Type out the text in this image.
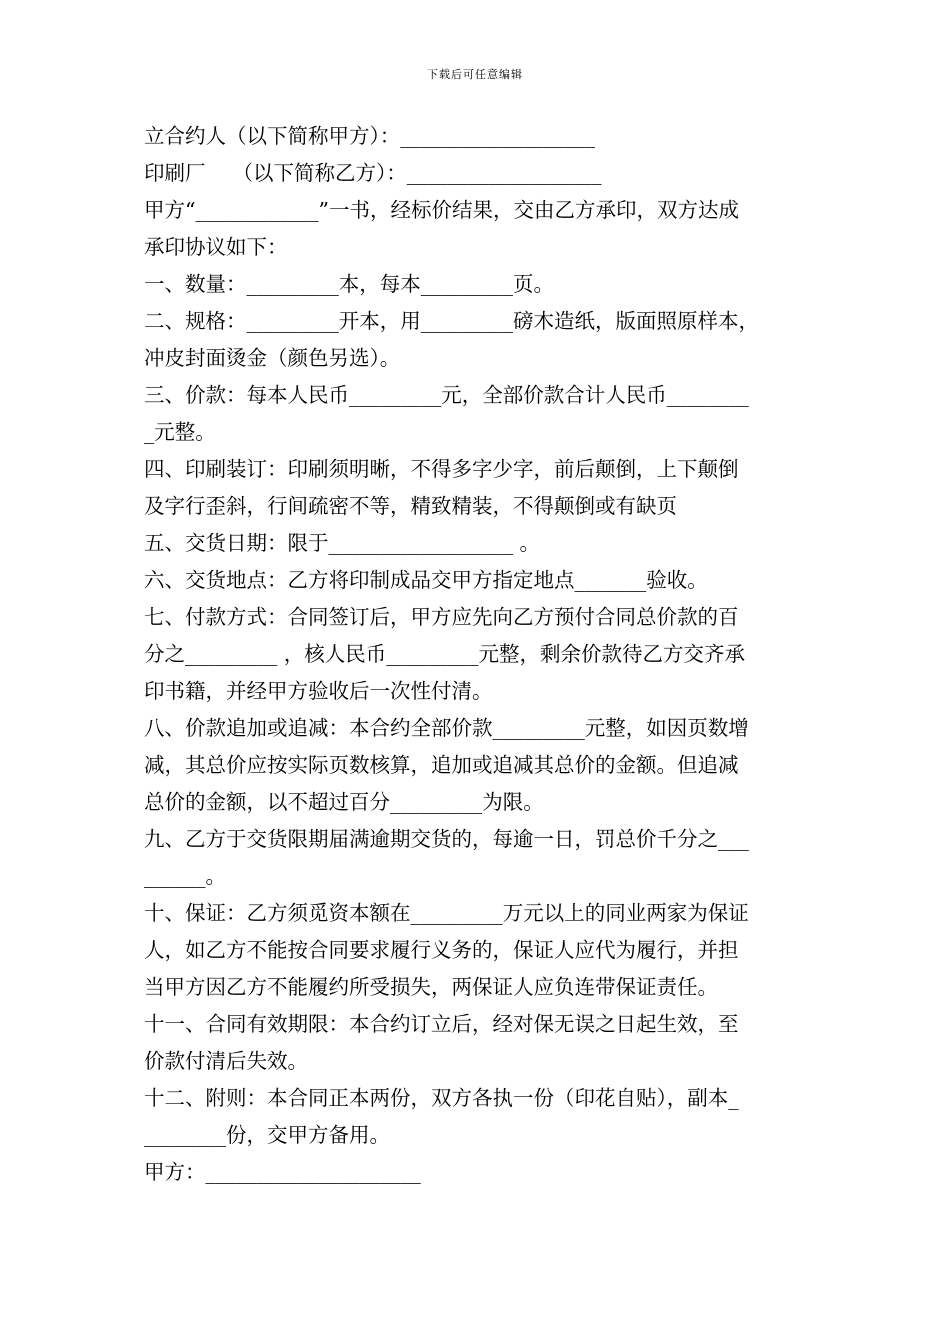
下载后可任意编辑
立合约人（以下简称甲方）：___________________
印刷厂　 （以下简称乙方）：___________________
甲方“____________”一书，经标价结果，交由乙方承印，双方达成
承印协议如下：
一、数量：_________本，每本_________页。
二、规格：_________开本，用_________磅木造纸，版面照原样本，
冲皮封面烫金（颜色另选）。
三、价款：每本人民币_________元，全部价款合计人民币________
_元整。
四、印刷装订：印刷须明晰，不得多字少字，前后颠倒，上下颠倒
及字行歪斜，行间疏密不等，精致精装，不得颠倒或有缺页
五、交货日期：限于__________________ 。
六、交货地点：乙方将印制成品交甲方指定地点_______验收。
七、付款方式：合同签订后，甲方应先向乙方预付合同总价款的百
分之_________ ，核人民币_________元整，剩余价款待乙方交齐承
印书籍，并经甲方验收后一次性付清。
八、价款追加或追减：本合约全部价款_________元整，如因页数增
减，其总价应按实际页数核算，追加或追减其总价的金额。但追减
总价的金额，以不超过百分_________为限。
九、乙方于交货限期届满逾期交货的，每逾一日，罚总价千分之___
______。
十、保证：乙方须觅资本额在_________万元以上的同业两家为保证
人，如乙方不能按合同要求履行义务的，保证人应代为履行，并担
当甲方因乙方不能履约所受损失，两保证人应负连带保证责任。
十一、合同有效期限：本合约订立后，经对保无误之日起生效，至
价款付清后失效。
十二、附则：本合同正本两份，双方各执一份（印花自贴），副本_
________份，交甲方备用。
甲方：_____________________
